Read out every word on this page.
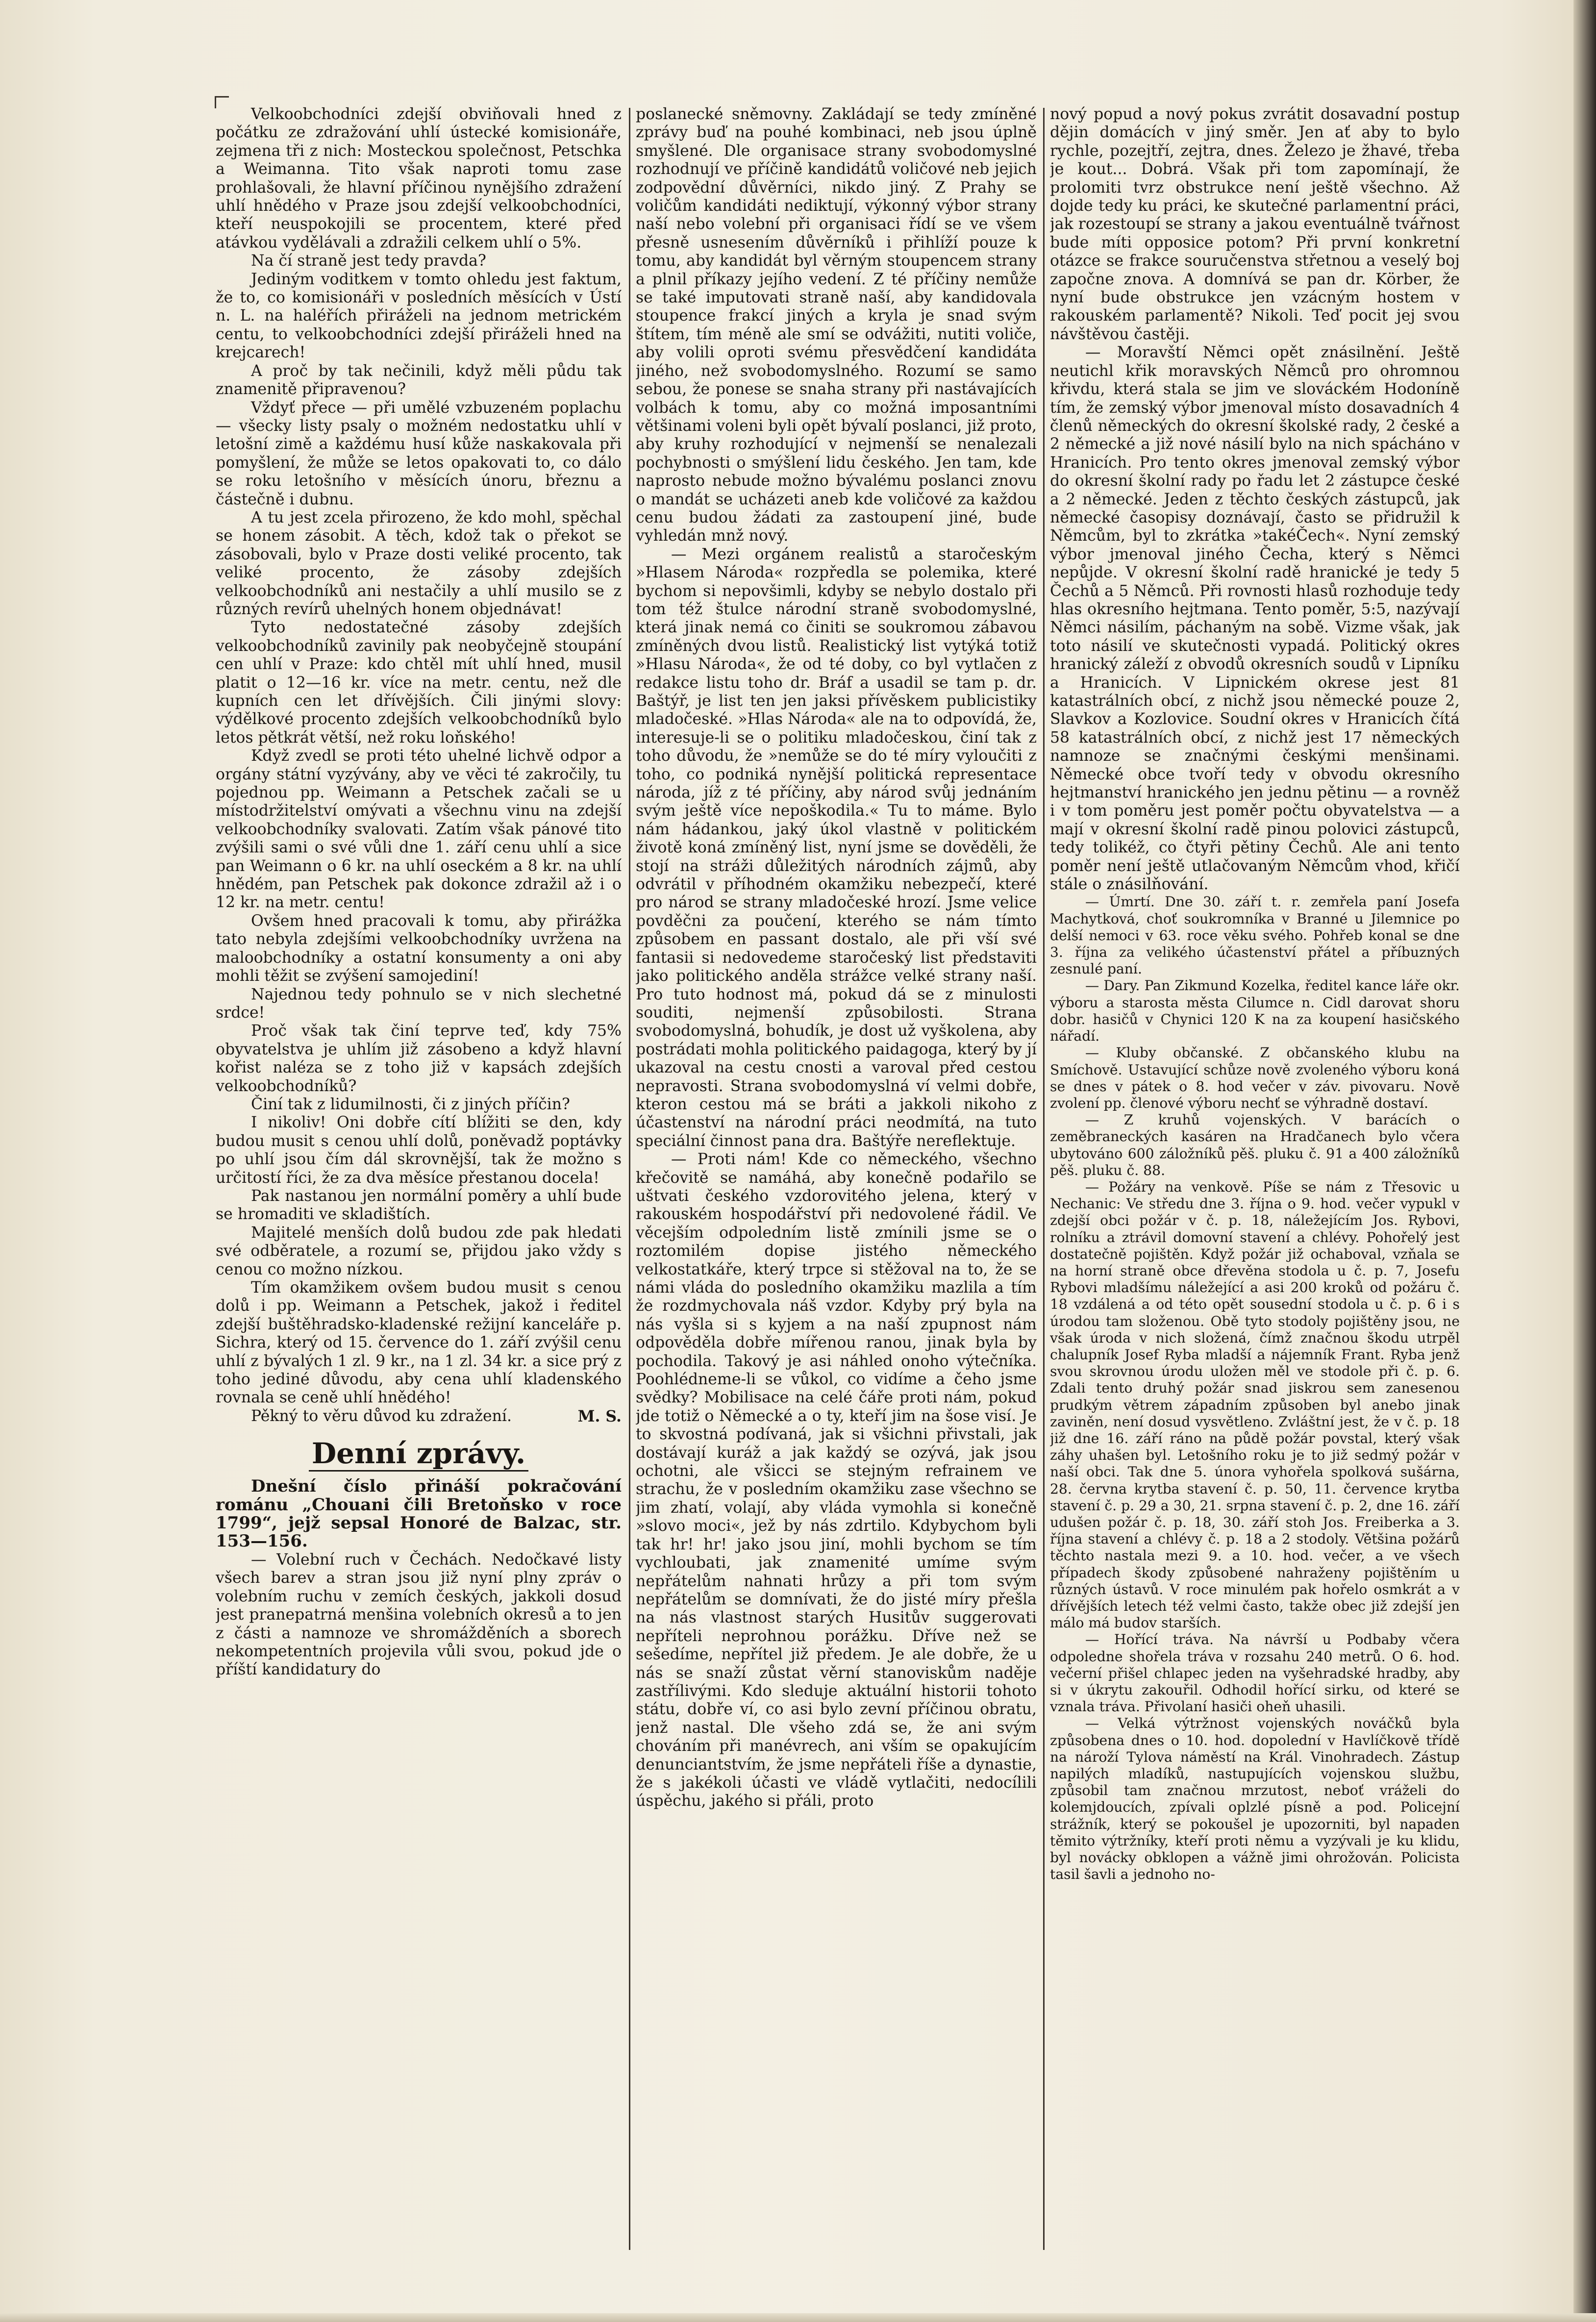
Velkoobchodníci zdejší obviňovali hned z počátku ze zdražování uhlí ústecké komisionáře, zejmena tři z nich: Mosteckou společnost, Petschka a Weimanna. Tito však naproti tomu zase prohlašovali, že hlavní příčinou nynějšího zdražení uhlí hnědého v Praze jsou zdejší velkoobchodníci, kteří neuspokojili se procentem, které před atávkou vydělávali a zdražili celkem uhlí o 5%.

Na čí straně jest tedy pravda?

Jediným voditkem v tomto ohledu jest faktum, že to, co komisionáři v posledních měsících v Ústí n. L. na haléřích přiráželi na jednom metrickém centu, to velkoobchodníci zdejší přiráželi hned na krejcarech!

A proč by tak nečinili, když měli půdu tak znamenitě připravenou?

Vždyť přece — při umělé vzbuzeném poplachu — všecky listy psaly o možném nedostatku uhlí v letošní zimě a každému husí kůže naskakovala při pomyšlení, že může se letos opakovati to, co dálo se roku letošního v měsících únoru, březnu a částečně i dubnu.

A tu jest zcela přirozeno, že kdo mohl, spěchal se honem zásobit. A těch, kdož tak o překot se zásobovali, bylo v Praze dosti veliké procento, tak veliké procento, že zásoby zdejších velkoobchodníků ani nestačily a uhlí musilo se z různých revírů uhelných honem objednávat!

Tyto nedostatečné zásoby zdejších velkoobchodníků zavinily pak neobyčejně stoupání cen uhlí v Praze: kdo chtěl mít uhlí hned, musil platit o 12—16 kr. více na metr. centu, než dle kupních cen let dřívějších. Čili jinými slovy: výdělkové procento zdejších velkoobchodníků bylo letos pětkrát větší, než roku loňského!

Když zvedl se proti této uhelné lichvě odpor a orgány státní vyzývány, aby ve věci té zakročily, tu pojednou pp. Weimann a Petschek začali se u místodržitelství omývati a všechnu vinu na zdejší velkoobchodníky svalovati. Zatím však pánové tito zvýšili sami o své vůli dne 1. září cenu uhlí a sice pan Weimann o 6 kr. na uhlí oseckém a 8 kr. na uhlí hnědém, pan Petschek pak dokonce zdražil až i o 12 kr. na metr. centu!

Ovšem hned pracovali k tomu, aby přirážka tato nebyla zdejšími velkoobchodníky uvržena na maloobchodníky a ostatní konsumenty a oni aby mohli těžit se zvýšení samojediní!

Najednou tedy pohnulo se v nich slechetné srdce!

Proč však tak činí teprve teď, kdy 75% obyvatelstva je uhlím již zásobeno a když hlavní kořist naléza se z toho již v kapsách zdejších velkoobchodníků?

Činí tak z lidumilnosti, či z jiných příčin?

I nikoliv! Oni dobře cítí blížiti se den, kdy budou musit s cenou uhlí dolů, poněvadž poptávky po uhlí jsou čím dál skrovnější, tak že možno s určitostí říci, že za dva měsíce přestanou docela!

Pak nastanou jen normální poměry a uhlí bude se hromaditi ve skladištích.

Majitelé menších dolů budou zde pak hledati své odběratele, a rozumí se, přijdou jako vždy s cenou co možno nízkou.

Tím okamžikem ovšem budou musit s cenou dolů i pp. Weimann a Petschek, jakož i ředitel zdejší buštěhradsko-kladenské režijní kanceláře p. Sichra, který od 15. července do 1. září zvýšil cenu uhlí z bývalých 1 zl. 9 kr., na 1 zl. 34 kr. a sice prý z toho jediné důvodu, aby cena uhlí kladenského rovnala se ceně uhlí hnědého!

Pěkný to věru důvod ku zdražení.	M. S.

Denní zprávy.

Dnešní číslo přináší pokračování románu „Chouani čili Bretoňsko v roce 1799“, jejž sepsal Honoré de Balzac, str. 153—156.

— Volební ruch v Čechách. Nedočkavé listy všech barev a stran jsou již nyní plny zpráv o volebním ruchu v zemích českých, jakkoli dosud jest pranepatrná menšina volebních okresů a to jen z části a namnoze ve shromážděních a sborech nekompetentních projevila vůli svou, pokud jde o příští kandidatury do

poslanecké sněmovny. Zakládají se tedy zmíněné zprávy buď na pouhé kombinaci, neb jsou úplně smyšlené. Dle organisace strany svobodomyslné rozhodnují ve příčině kandidátů voličové neb jejich zodpovědní důvěrníci, nikdo jiný. Z Prahy se voličům kandidáti nediktují, výkonný výbor strany naší nebo volební při organisaci řídí se ve všem přesně usnesením důvěrníků i přihlíží pouze k tomu, aby kandidát byl věrným stoupencem strany a plnil příkazy jejího vedení. Z té příčiny nemůže se také imputovati straně naší, aby kandidovala stoupence frakcí jiných a kryla je snad svým štítem, tím méně ale smí se odvážiti, nutiti voliče, aby volili oproti svému přesvědčení kandidáta jiného, než svobodomyslného. Rozumí se samo sebou, že ponese se snaha strany při nastávajících volbách k tomu, aby co možná imposantními většinami voleni byli opět bývalí poslanci, již proto, aby kruhy rozhodující v nejmenší se nenalezali pochybnosti o smýšlení lidu českého. Jen tam, kde naprosto nebude možno bývalému poslanci znovu o mandát se ucházeti aneb kde voličové za každou cenu budou žádati za zastoupení jiné, bude vyhledán mnž nový.

— Mezi orgánem realistů a staročeským »Hlasem Národa« rozpředla se polemika, které bychom si nepovšimli, kdyby se nebylo dostalo při tom též štulce národní straně svobodomyslné, která jinak nemá co činiti se soukromou zábavou zmíněných dvou listů. Realistický list vytýká totiž »Hlasu Národa«, že od té doby, co byl vytlačen z redakce listu toho dr. Bráf a usadil se tam p. dr. Baštýř, je list ten jen jaksi přívěskem publicistiky mladočeské. »Hlas Národa« ale na to odpovídá, že, interesuje-li se o politiku mladočeskou, činí tak z toho důvodu, že »nemůže se do té míry vyloučiti z toho, co podniká nynější politická representace národa, jíž z té příčiny, aby národ svůj jednáním svým ještě více nepoškodila.« Tu to máme. Bylo nám hádankou, jaký úkol vlastně v politickém životě koná zmíněný list, nyní jsme se dověděli, že stojí na stráži důležitých národních zájmů, aby odvrátil v příhodném okamžiku nebezpečí, které pro národ se strany mladočeské hrozí. Jsme velice povděčni za poučení, kterého se nám tímto způsobem en passant dostalo, ale při vší své fantasii si nedovedeme staročeský list představiti jako politického anděla strážce velké strany naší. Pro tuto hodnost má, pokud dá se z minulosti souditi, nejmenší způsobilosti. Strana svobodomyslná, bohudík, je dost už vyškolena, aby postrádati mohla politického paidagoga, který by jí ukazoval na cestu cnosti a varoval před cestou nepravosti. Strana svobodomyslná ví velmi dobře, kteron cestou má se bráti a jakkoli nikoho z účastenství na národní práci neodmítá, na tuto speciální činnost pana dra. Baštýře nereflektuje.

— Proti nám! Kde co německého, všechno křečovitě se namáhá, aby konečně podařilo se uštvati českého vzdorovitého jelena, který v rakouském hospodářství při nedovolené řádil. Ve věcejším odpoledním listě zmínili jsme se o roztomilém dopise jistého německého velkostatkáře, který trpce si stěžoval na to, že se námi vláda do posledního okamžiku mazlila a tím že rozdmychovala náš vzdor. Kdyby prý byla na nás vyšla si s kyjem a na naší zpupnost nám odpověděla dobře mířenou ranou, jinak byla by pochodila. Takový je asi náhled onoho výtečníka. Poohlédneme-li se vůkol, co vidíme a čeho jsme svědky? Mobilisace na celé čáře proti nám, pokud jde totiž o Německé a o ty, kteří jim na šose visí. Je to skvostná podívaná, jak si všichni přivstali, jak dostávají kuráž a jak každý se ozývá, jak jsou ochotni, ale všicci se stejným refrainem ve strachu, že v posledním okamžiku zase všechno se jim zhatí, volají, aby vláda vymohla si konečně »slovo moci«, jež by nás zdrtilo. Kdybychom byli tak hr! hr! jako jsou jiní, mohli bychom se tím vychloubati, jak znamenité umíme svým nepřátelům nahnati hrůzy a při tom svým nepřátelům se domnívati, že do jisté míry přešla na nás vlastnost starých Husitův suggerovati nepříteli neprohnou porážku. Dříve než se sešedíme, nepřítel již předem. Je ale dobře, že u nás se snaží zůstat věrní stanoviskům naděje zastřílivými. Kdo sleduje aktuální historii tohoto státu, dobře ví, co asi bylo zevní příčinou obratu, jenž nastal. Dle všeho zdá se, že ani svým chováním při manévrech, ani vším se opakujícím denunciantstvím, že jsme nepřáteli říše a dynastie, že s jakékoli účasti ve vládě vytlačiti, nedocílili úspěchu, jakého si přáli, proto

nový popud a nový pokus zvrátit dosavadní postup dějin domácích v jiný směr. Jen ať aby to bylo rychle, pozejtří, zejtra, dnes. Železo je žhavé, třeba je kout... Dobrá. Však při tom zapomínají, že prolomiti tvrz obstrukce není ještě všechno. Až dojde tedy ku práci, ke skutečné parlamentní práci, jak rozestoupí se strany a jakou eventuálně tvářnost bude míti opposice potom? Při první konkretní otázce se frakce souručenstva střetnou a veselý boj započne znova. A domnívá se pan dr. Körber, že nyní bude obstrukce jen vzácným hostem v rakouském parlamentě? Nikoli. Teď pocit jej svou návštěvou častěji.

— Moravští Němci opět znásilnění. Ještě neutichl křik moravských Němců pro ohromnou křivdu, která stala se jim ve slováckém Hodoníně tím, že zemský výbor jmenoval místo dosavadních 4 členů německých do okresní školské rady, 2 české a 2 německé a již nové násilí bylo na nich spácháno v Hranicích. Pro tento okres jmenoval zemský výbor do okresní školní rady po řadu let 2 zástupce české a 2 německé. Jeden z těchto českých zástupců, jak německé časopisy doznávají, často se přidružil k Němcům, byl to zkrátka »takéČech«. Nyní zemský výbor jmenoval jiného Čecha, který s Němci nepůjde. V okresní školní radě hranické je tedy 5 Čechů a 5 Němců. Při rovnosti hlasů rozhoduje tedy hlas okresního hejtmana. Tento poměr, 5:5, nazývají Němci násilím, páchaným na sobě. Vizme však, jak toto násilí ve skutečnosti vypadá. Politický okres hranický záleží z obvodů okresních soudů v Lipníku a Hranicích. V Lipnickém okrese jest 81 katastrálních obcí, z nichž jsou německé pouze 2, Slavkov a Kozlovice. Soudní okres v Hranicích čítá 58 katastrálních obcí, z nichž jest 17 německých namnoze se značnými českými menšinami. Německé obce tvoří tedy v obvodu okresního hejtmanství hranického jen jednu pětinu — a rovněž i v tom poměru jest poměr počtu obyvatelstva — a mají v okresní školní radě pinou polovici zástupců, tedy tolikéž, co čtyři pětiny Čechů. Ale ani tento poměr není ještě utlačovaným Němcům vhod, křičí stále o znásilňování.

— Úmrtí. Dne 30. září t. r. zemřela paní Josefa Machytková, choť soukromníka v Branné u Jilemnice po delší nemoci v 63. roce věku svého. Pohřeb konal se dne 3. října za velikého účastenství přátel a příbuzných zesnulé paní.

— Dary. Pan Zikmund Kozelka, ředitel kance láře okr. výboru a starosta města Cilumce n. Cidl darovat shoru dobr. hasičů v Chynici 120 K na za koupení hasičského nářadí.

— Kluby občanské. Z občanského klubu na Smíchově. Ustavující schůze nově zvoleného výboru koná se dnes v pátek o 8. hod večer v záv. pivovaru. Nově zvolení pp. členové výboru nechť se výhradně dostaví.

— Z kruhů vojenských. V barácích o zeměbraneckých kasáren na Hradčanech bylo včera ubytováno 600 záložníků pěš. pluku č. 91 a 400 záložníků pěš. pluku č. 88.

— Požáry na venkově. Píše se nám z Třesovic u Nechanic: Ve středu dne 3. října o 9. hod. večer vypukl v zdejší obci požár v č. p. 18, náležejícím Jos. Rybovi, rolníku a ztrávil domovní stavení a chlévy. Pohořelý jest dostatečně pojištěn. Když požár již ochaboval, vzňala se na horní straně obce dřevěna stodola u č. p. 7, Josefu Rybovi mladšímu náležející a asi 200 kroků od požáru č. 18 vzdálená a od této opět sousední stodola u č. p. 6 i s úrodou tam složenou. Obě tyto stodoly pojištěny jsou, ne však úroda v nich složená, čímž značnou škodu utrpěl chalupník Josef Ryba mladší a nájemník Frant. Ryba jenž svou skrovnou úrodu uložen měl ve stodole při č. p. 6. Zdali tento druhý požár snad jiskrou sem zanesenou prudkým větrem západním způsoben byl anebo jinak zaviněn, není dosud vysvětleno. Zvláštní jest, že v č. p. 18 již dne 16. září ráno na půdě požár povstal, který však záhy uhašen byl. Letošního roku je to již sedmý požár v naší obci. Tak dne 5. února vyhořela spolková sušárna, 28. června krytba stavení č. p. 50, 11. července krytba stavení č. p. 29 a 30, 21. srpna stavení č. p. 2, dne 16. září udušen požár č. p. 18, 30. září stoh Jos. Freiberka a 3. října stavení a chlévy č. p. 18 a 2 stodoly. Většina požárů těchto nastala mezi 9. a 10. hod. večer, a ve všech případech škody způsobené nahraženy pojištěním u různých ústavů. V roce minulém pak hořelo osmkrát a v dřívějších letech též velmi často, takže obec již zdejší jen málo má budov starších.

— Hořící tráva. Na návrší u Podbaby včera odpoledne shořela tráva v rozsahu 240 metrů. O 6. hod. večerní přišel chlapec jeden na vyšehradské hradby, aby si v úkrytu zakouřil. Odhodil hořící sirku, od které se vznala tráva. Přivolaní hasiči oheň uhasili.

— Velká výtržnost vojenských nováčků byla způsobena dnes o 10. hod. dopolední v Havlíčkově třídě na nároží Tylova náměstí na Král. Vinohradech. Zástup napilých mladíků, nastupujících vojenskou službu, způsobil tam značnou mrzutost, neboť vráželi do kolemjdoucích, zpívali oplzlé písně a pod. Policejní strážník, který se pokoušel je upozorniti, byl napaden těmito výtržníky, kteří proti němu a vyzývali je ku klidu, byl novácky obklopen a vážně jimi ohrožován. Policista tasil šavli a jednoho no-
